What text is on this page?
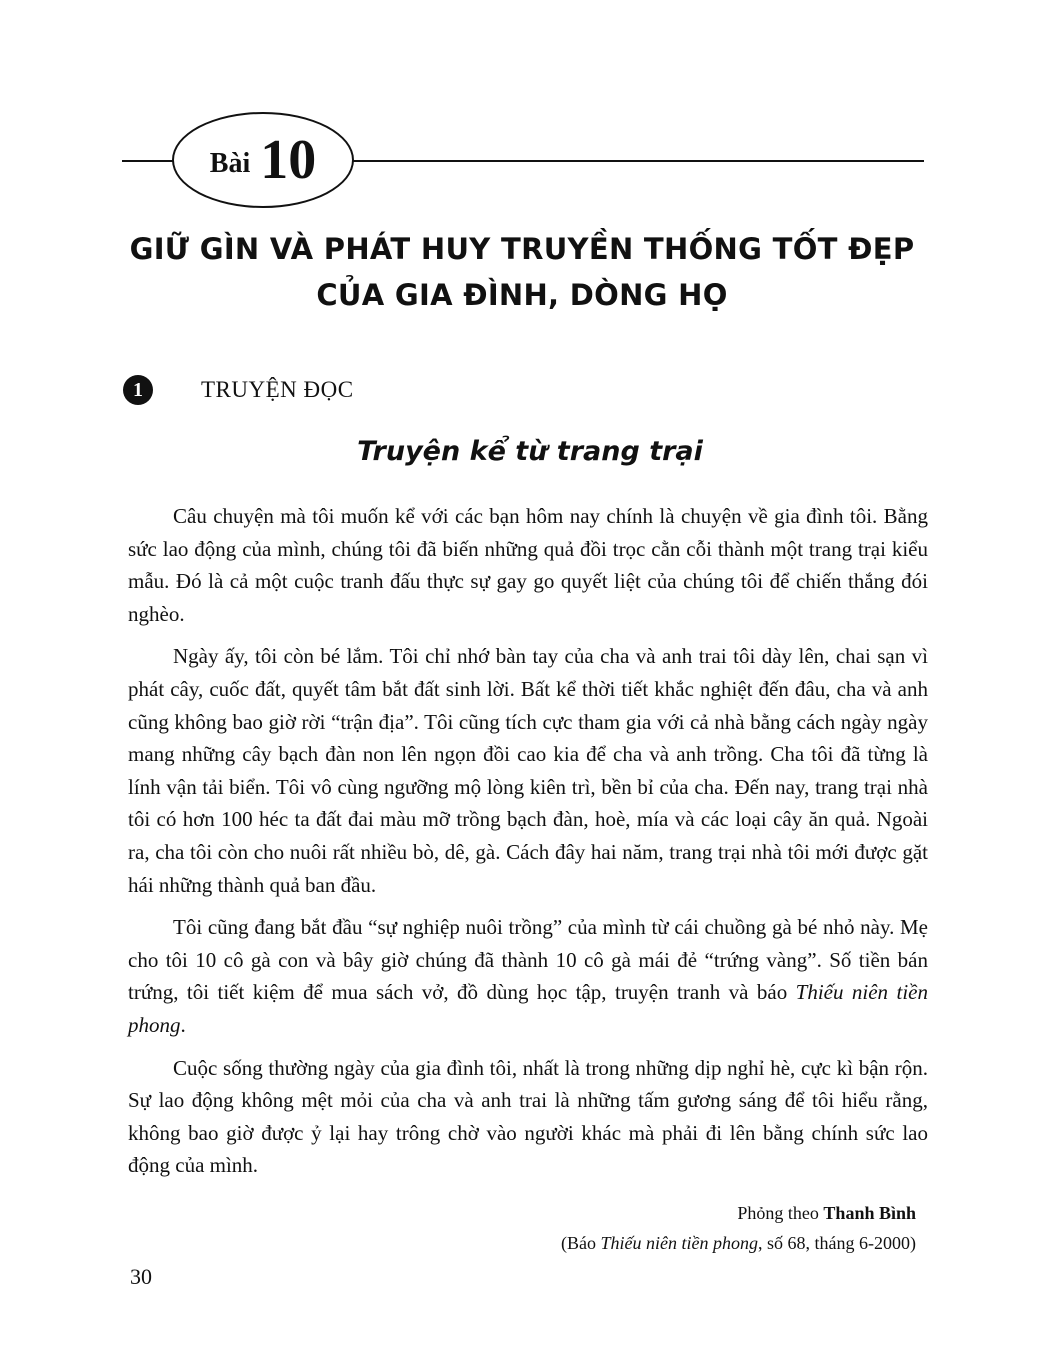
Bài 10
GIỮ GÌN VÀ PHÁT HUY TRUYỀN THỐNG TỐT ĐẸP
CỦA GIA ĐÌNH, DÒNG HỌ
1	TRUYỆN ĐỌC
Truyện kể từ trang trại

Câu chuyện mà tôi muốn kể với các bạn hôm nay chính là chuyện về gia đình tôi. Bằng sức lao động của mình, chúng tôi đã biến những quả đồi trọc cằn cỗi thành một trang trại kiểu mẫu. Đó là cả một cuộc tranh đấu thực sự gay go quyết liệt của chúng tôi để chiến thắng đói nghèo.

Ngày ấy, tôi còn bé lắm. Tôi chỉ nhớ bàn tay của cha và anh trai tôi dày lên, chai sạn vì phát cây, cuốc đất, quyết tâm bắt đất sinh lời. Bất kể thời tiết khắc nghiệt đến đâu, cha và anh cũng không bao giờ rời “trận địa”. Tôi cũng tích cực tham gia với cả nhà bằng cách ngày ngày mang những cây bạch đàn non lên ngọn đồi cao kia để cha và anh trồng. Cha tôi đã từng là lính vận tải biển. Tôi vô cùng ngưỡng mộ lòng kiên trì, bền bỉ của cha. Đến nay, trang trại nhà tôi có hơn 100 héc ta đất đai màu mỡ trồng bạch đàn, hoè, mía và các loại cây ăn quả. Ngoài ra, cha tôi còn cho nuôi rất nhiều bò, dê, gà. Cách đây hai năm, trang trại nhà tôi mới được gặt hái những thành quả ban đầu.

Tôi cũng đang bắt đầu “sự nghiệp nuôi trồng” của mình từ cái chuồng gà bé nhỏ này. Mẹ cho tôi 10 cô gà con và bây giờ chúng đã thành 10 cô gà mái đẻ “trứng vàng”. Số tiền bán trứng, tôi tiết kiệm để mua sách vở, đồ dùng học tập, truyện tranh và báo Thiếu niên tiền phong.

Cuộc sống thường ngày của gia đình tôi, nhất là trong những dịp nghỉ hè, cực kì bận rộn. Sự lao động không mệt mỏi của cha và anh trai là những tấm gương sáng để tôi hiểu rằng, không bao giờ được ỷ lại hay trông chờ vào người khác mà phải đi lên bằng chính sức lao động của mình.

Phỏng theo Thanh Bình
(Báo Thiếu niên tiền phong, số 68, tháng 6-2000)
30
